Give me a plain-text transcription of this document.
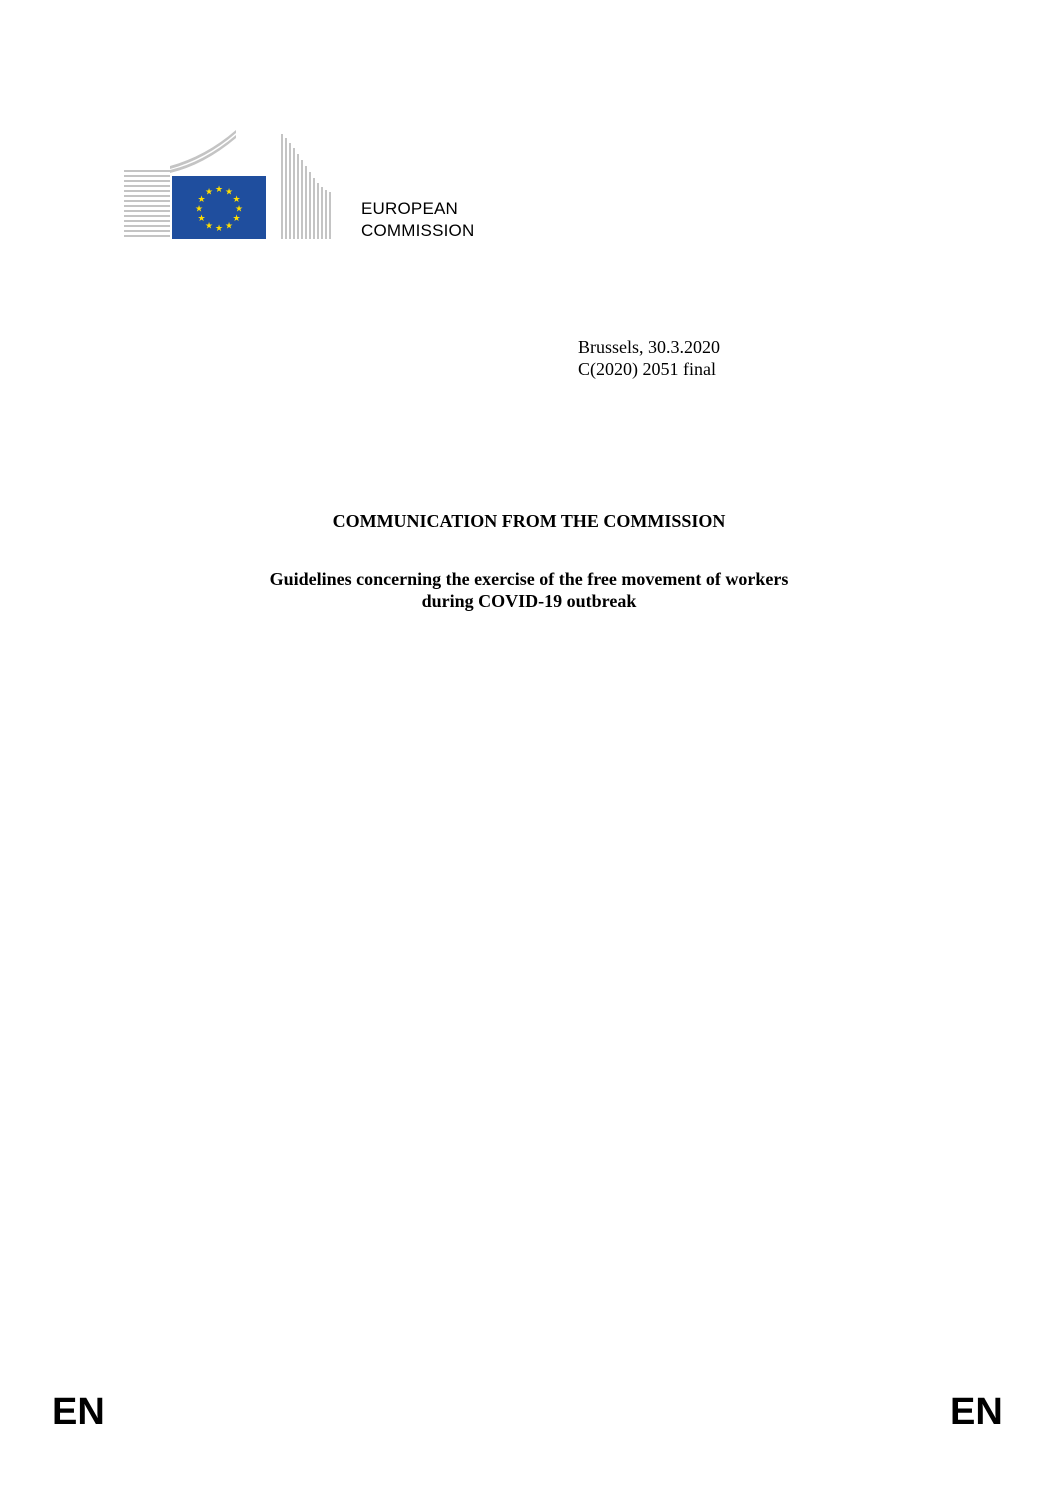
★ ★
★
★
★
★
★
★
★
★
★
★
EUROPEAN
COMMISSION
Brussels, 30.3.2020
C(2020) 2051 final
COMMUNICATION FROM THE COMMISSION
Guidelines concerning the exercise of the free movement of workers
during COVID-19 outbreak
EN	EN
